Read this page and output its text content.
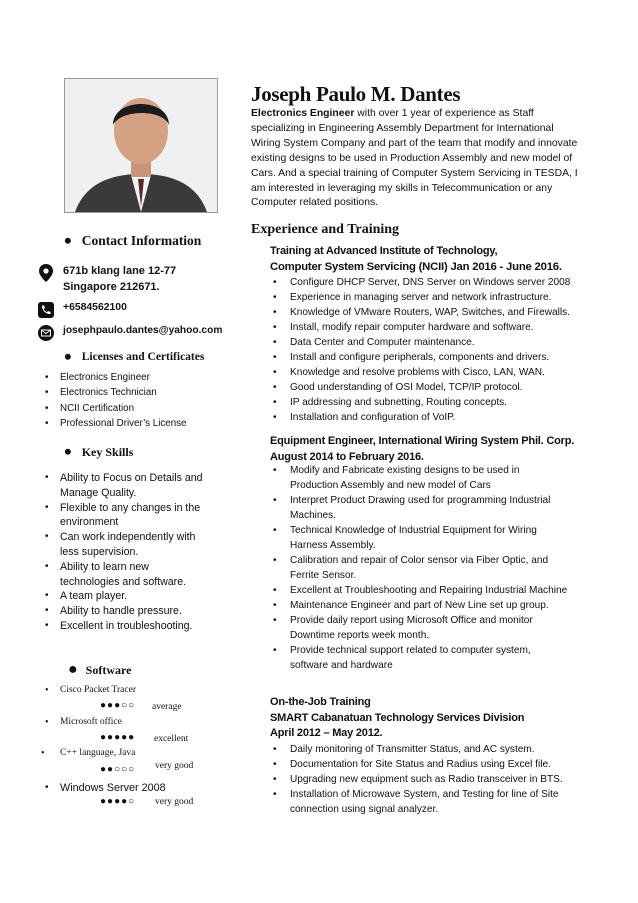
• Contact Information
671b klang lane 12-77
Singapore 212671.
+6584562100
josephpaulo.dantes@yahoo.com
• Licenses and Certificates
• Electronics Engineer
• Electronics Technician
• NCII Certification
• Professional Driver’s License
• Key Skills
• Ability to Focus on Details and Manage Quality.
• Flexible to any changes in the environment
• Can work independently with less supervision.
• Ability to learn new technologies and software.
• A team player.
• Ability to handle pressure.
• Excellent in troubleshooting.
● Software
• Cisco Packet Tracer
●●●○○ average
• Microsoft office
●●●●● excellent
• C++ language, Java
●●○○○ very good
• Windows Server 2008
●●●●○ very good
Joseph Paulo M. Dantes
Electronics Engineer with over 1 year of experience as Staff specializing in Engineering Assembly Department for International Wiring System Company and part of the team that modify and innovate existing designs to be used in Production Assembly and new model of Cars. And a special training of Computer System Servicing in TESDA, I am interested in leveraging my skills in Telecommunication or any Computer related positions.
Experience and Training
Training at Advanced Institute of Technology,
Computer System Servicing (NCII) Jan 2016 - June 2016.
• Configure DHCP Server, DNS Server on Windows server 2008
• Experience in managing server and network infrastructure.
• Knowledge of VMware Routers, WAP, Switches, and Firewalls.
• Install, modify repair computer hardware and software.
• Data Center and Computer maintenance.
• Install and configure peripherals, components and drivers.
• Knowledge and resolve problems with Cisco, LAN, WAN.
• Good understanding of OSI Model, TCP/IP protocol.
• IP addressing and subnetting, Routing concepts.
• Installation and configuration of VoIP.
Equipment Engineer, International Wiring System Phil. Corp.
August 2014 to February 2016.
• Modify and Fabricate existing designs to be used in Production Assembly and new model of Cars
• Interpret Product Drawing used for programming Industrial Machines.
• Technical Knowledge of Industrial Equipment for Wiring Harness Assembly.
• Calibration and repair of Color sensor via Fiber Optic, and Ferrite Sensor.
• Excellent at Troubleshooting and Repairing Industrial Machine
• Maintenance Engineer and part of New Line set up group.
• Provide daily report using Microsoft Office and monitor Downtime reports week month.
• Provide technical support related to computer system, software and hardware
On-the-Job Training
SMART Cabanatuan Technology Services Division
April 2012 – May 2012.
• Daily monitoring of Transmitter Status, and AC system.
• Documentation for Site Status and Radius using Excel file.
• Upgrading new equipment such as Radio transceiver in BTS.
• Installation of Microwave System, and Testing for line of Site connection using signal analyzer.
